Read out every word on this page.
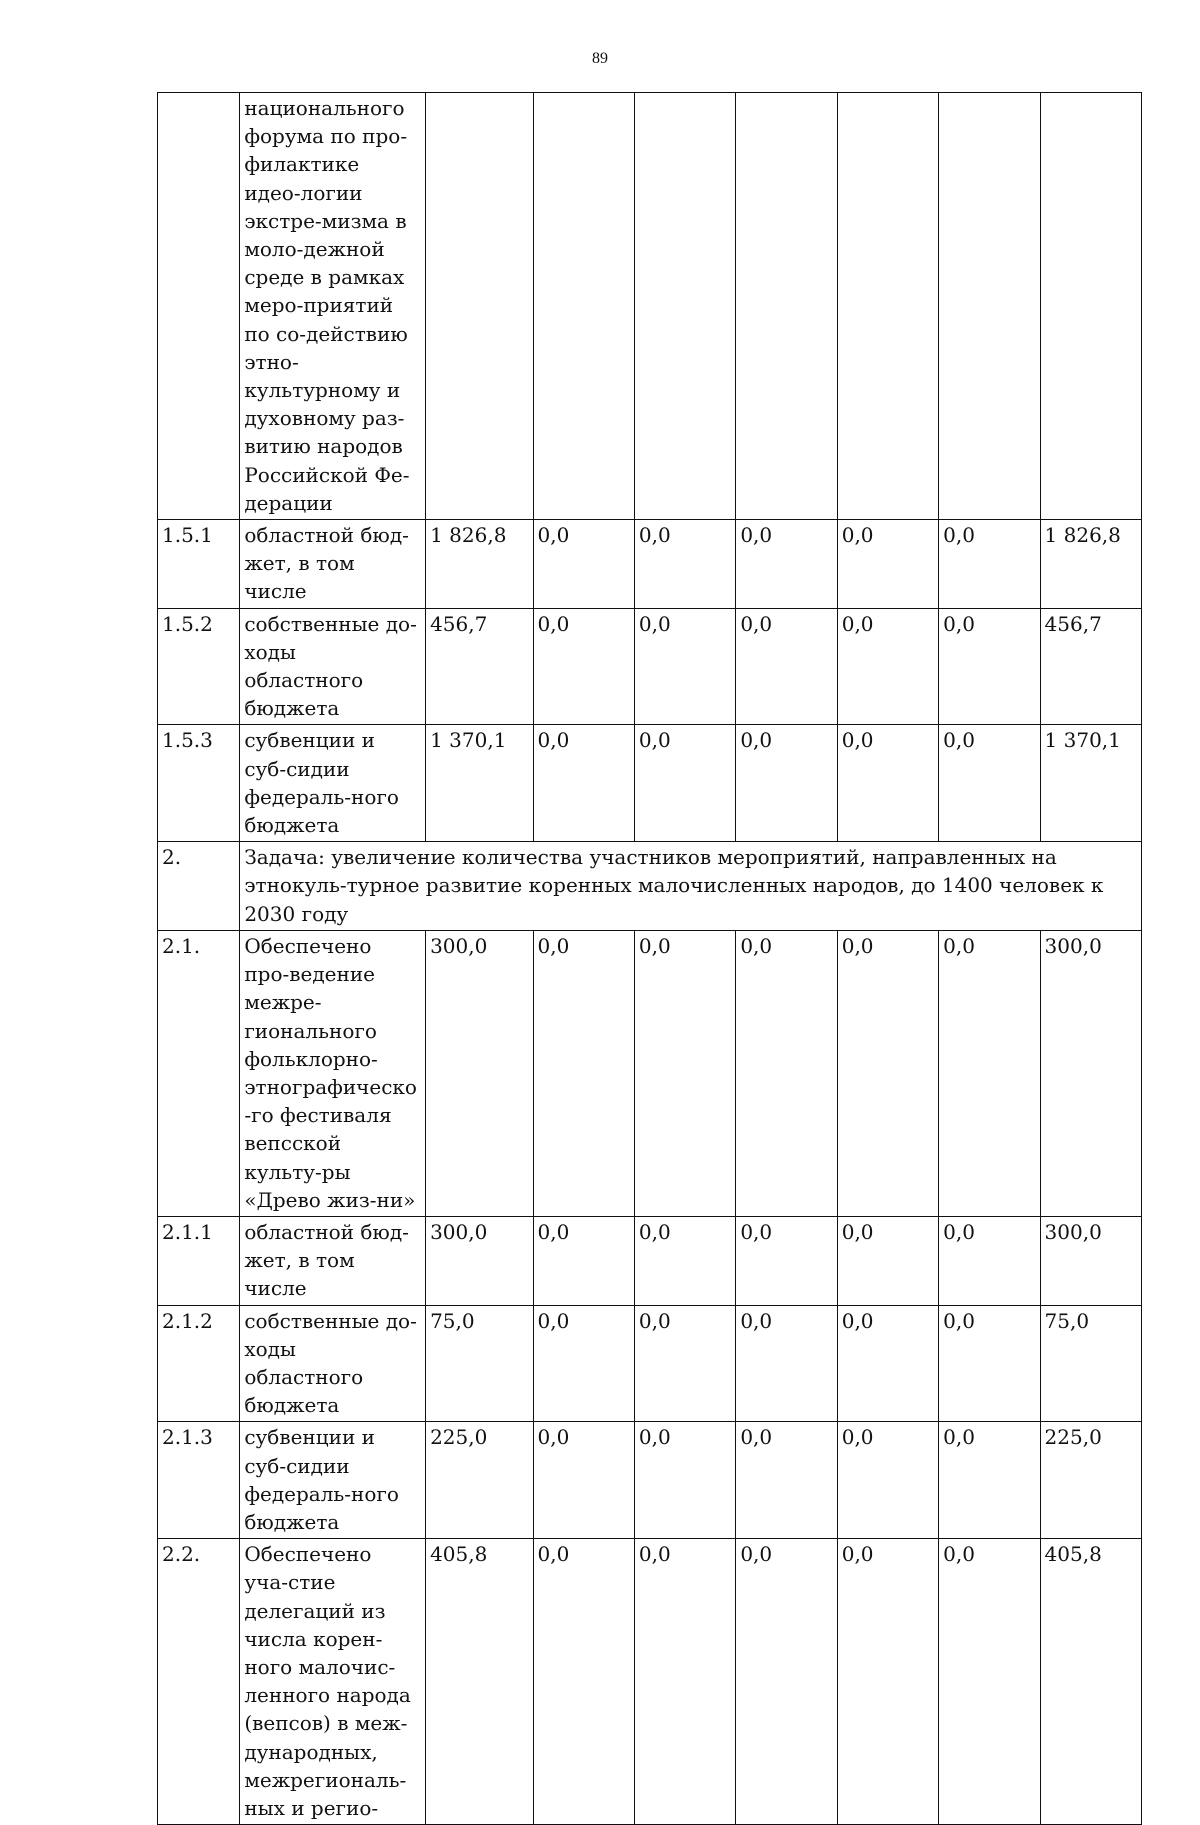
89
	национального форума по про-филактике идео-логии экстре-мизма в моло-дежной среде в рамках меро-приятий по со-действию этно-культурному и духовному раз-витию народов Российской Фе-дерации							
1.5.1	областной бюд-жет, в том числе	1 826,8	0,0	0,0	0,0	0,0	0,0	1 826,8
1.5.2	собственные до-ходы областного бюджета	456,7	0,0	0,0	0,0	0,0	0,0	456,7
1.5.3	субвенции и суб-сидии федераль-ного бюджета	1 370,1	0,0	0,0	0,0	0,0	0,0	1 370,1
2.	Задача: увеличение количества участников мероприятий, направленных на этнокуль-турное развитие коренных малочисленных народов, до 1400 человек к 2030 году							
2.1.	Обеспечено про-ведение межре-гионального фольклорно-этнографическо-го фестиваля вепсской культу-ры «Древо жиз-ни»	300,0	0,0	0,0	0,0	0,0	0,0	300,0
2.1.1	областной бюд-жет, в том числе	300,0	0,0	0,0	0,0	0,0	0,0	300,0
2.1.2	собственные до-ходы областного бюджета	75,0	0,0	0,0	0,0	0,0	0,0	75,0
2.1.3	субвенции и суб-сидии федераль-ного бюджета	225,0	0,0	0,0	0,0	0,0	0,0	225,0
2.2.	Обеспечено уча-стие делегаций из числа корен-ного малочис-ленного народа (вепсов) в меж-дународных, межрегиональ-ных и регио-	405,8	0,0	0,0	0,0	0,0	0,0	405,8
